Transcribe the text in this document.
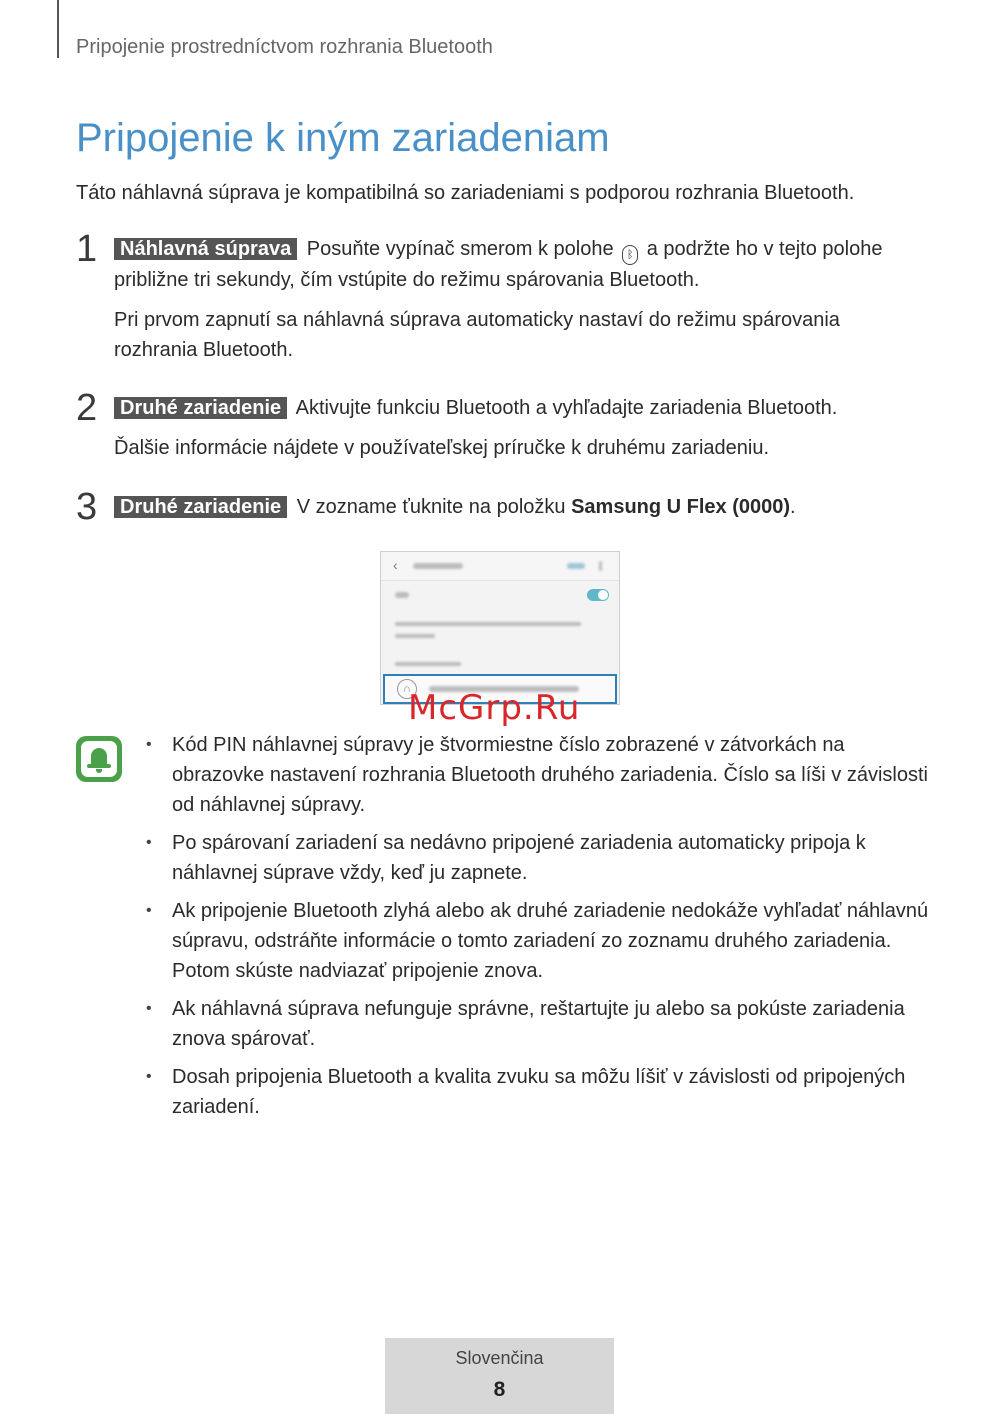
Pripojenie prostredníctvom rozhrania Bluetooth
Pripojenie k iným zariadeniam
Táto náhlavná súprava je kompatibilná so zariadeniami s podporou rozhrania Bluetooth.
1	Náhlavná súprava Posuňte vypínač smerom k polohe ᛒ a podržte ho v tejto polohe približne tri sekundy, čím vstúpite do režimu spárovania Bluetooth.
Pri prvom zapnutí sa náhlavná súprava automaticky nastaví do režimu spárovania rozhrania Bluetooth.
2	Druhé zariadenie Aktivujte funkciu Bluetooth a vyhľadajte zariadenia Bluetooth.
Ďalšie informácie nájdete v používateľskej príručke k druhému zariadeniu.
3	Druhé zariadenie V zozname ťuknite na položku Samsung U Flex (0000).
‹
∩
McGrp.Ru
• Kód PIN náhlavnej súpravy je štvormiestne číslo zobrazené v zátvorkách na obrazovke nastavení rozhrania Bluetooth druhého zariadenia. Číslo sa líši v závislosti od náhlavnej súpravy.
• Po spárovaní zariadení sa nedávno pripojené zariadenia automaticky pripoja k náhlavnej súprave vždy, keď ju zapnete.
• Ak pripojenie Bluetooth zlyhá alebo ak druhé zariadenie nedokáže vyhľadať náhlavnú súpravu, odstráňte informácie o tomto zariadení zo zoznamu druhého zariadenia. Potom skúste nadviazať pripojenie znova.
• Ak náhlavná súprava nefunguje správne, reštartujte ju alebo sa pokúste zariadenia znova spárovať.
• Dosah pripojenia Bluetooth a kvalita zvuku sa môžu líšiť v závislosti od pripojených zariadení.
Slovenčina
8
